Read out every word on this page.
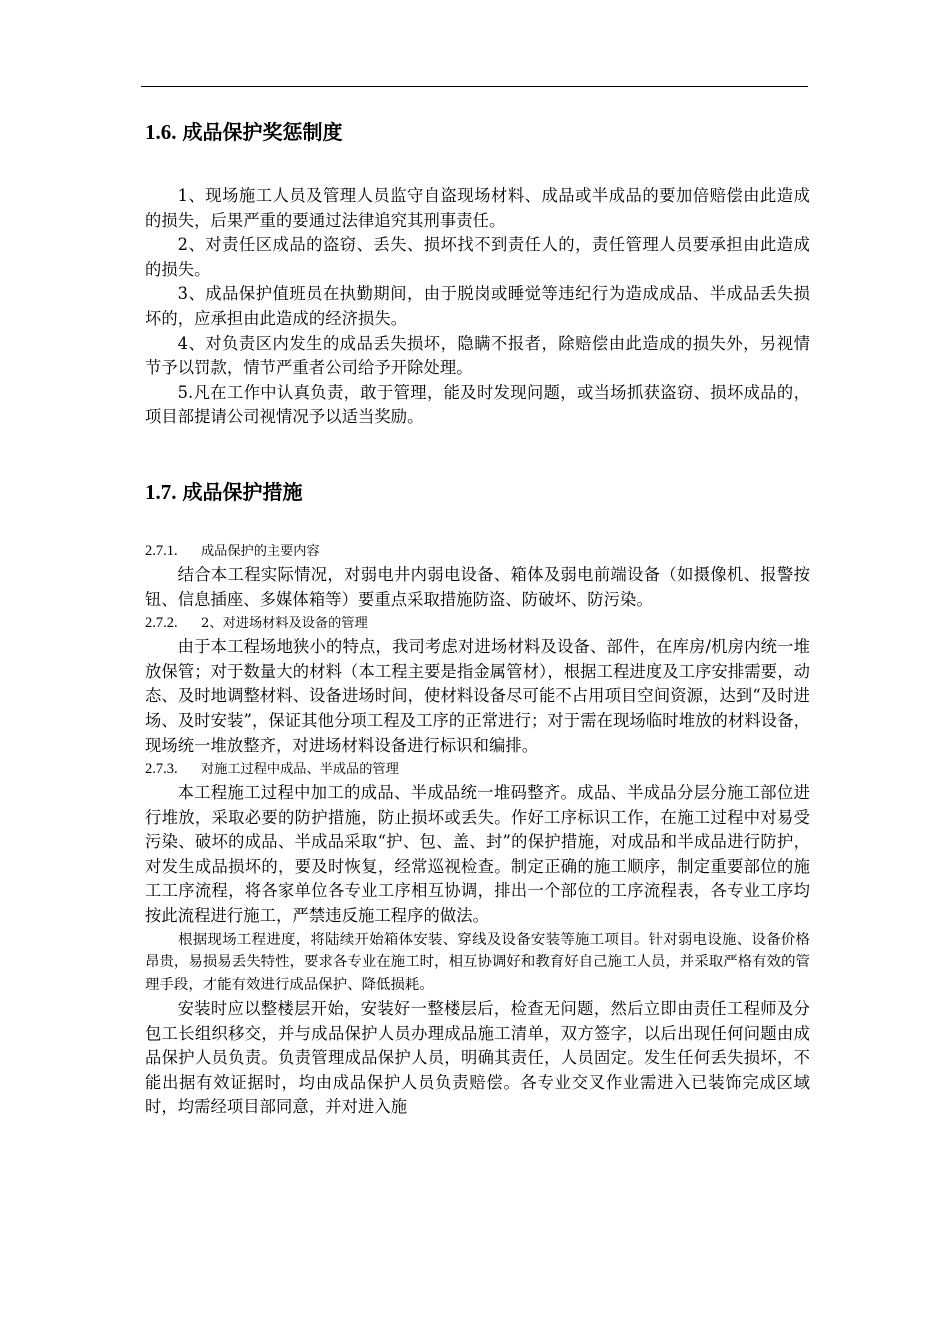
1.6. 成品保护奖惩制度

1、现场施工人员及管理人员监守自盗现场材料、成品或半成品的要加倍赔偿由此造成的损失，后果严重的要通过法律追究其刑事责任。

2、对责任区成品的盗窃、丢失、损坏找不到责任人的，责任管理人员要承担由此造成的损失。

3、成品保护值班员在执勤期间，由于脱岗或睡觉等违纪行为造成成品、半成品丢失损坏的，应承担由此造成的经济损失。

4、对负责区内发生的成品丢失损坏，隐瞒不报者，除赔偿由此造成的损失外，另视情节予以罚款，情节严重者公司给予开除处理。

5.凡在工作中认真负责，敢于管理，能及时发现问题，或当场抓获盗窃、损坏成品的，项目部提请公司视情况予以适当奖励。

1.7. 成品保护措施

2.7.1. 成品保护的主要内容

结合本工程实际情况，对弱电井内弱电设备、箱体及弱电前端设备（如摄像机、报警按钮、信息插座、多媒体箱等）要重点采取措施防盗、防破坏、防污染。

2.7.2. 2、对进场材料及设备的管理

由于本工程场地狭小的特点，我司考虑对进场材料及设备、部件，在库房/机房内统一堆放保管；对于数量大的材料（本工程主要是指金属管材），根据工程进度及工序安排需要，动态、及时地调整材料、设备进场时间，使材料设备尽可能不占用项目空间资源，达到“及时进场、及时安装”，保证其他分项工程及工序的正常进行；对于需在现场临时堆放的材料设备，现场统一堆放整齐，对进场材料设备进行标识和编排。

2.7.3. 对施工过程中成品、半成品的管理

本工程施工过程中加工的成品、半成品统一堆码整齐。成品、半成品分层分施工部位进行堆放，采取必要的防护措施，防止损坏或丢失。作好工序标识工作，在施工过程中对易受污染、破坏的成品、半成品采取“护、包、盖、封”的保护措施，对成品和半成品进行防护，对发生成品损坏的，要及时恢复，经常巡视检查。制定正确的施工顺序，制定重要部位的施工工序流程，将各家单位各专业工序相互协调，排出一个部位的工序流程表，各专业工序均按此流程进行施工，严禁违反施工程序的做法。

根据现场工程进度，将陆续开始箱体安装、穿线及设备安装等施工项目。针对弱电设施、设备价格昂贵，易损易丢失特性，要求各专业在施工时，相互协调好和教育好自己施工人员，并采取严格有效的管理手段，才能有效进行成品保护、降低损耗。

安装时应以整楼层开始，安装好一整楼层后，检查无问题，然后立即由责任工程师及分包工长组织移交，并与成品保护人员办理成品施工清单，双方签字，以后出现任何问题由成品保护人员负责。负责管理成品保护人员，明确其责任，人员固定。发生任何丢失损坏，不能出据有效证据时，均由成品保护人员负责赔偿。各专业交叉作业需进入已装饰完成区域时，均需经项目部同意，并对进入施
